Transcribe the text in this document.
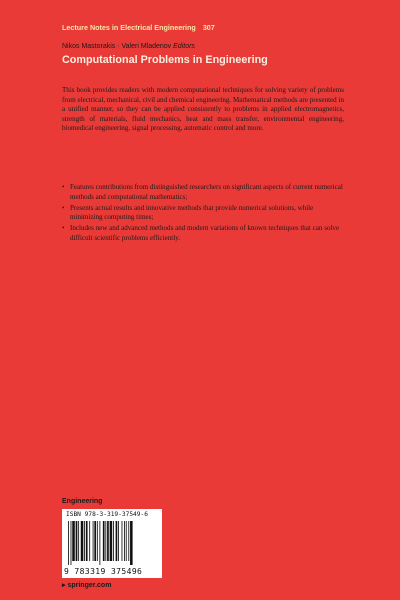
Lecture Notes in Electrical Engineering 307
Nikos Mastorakis · Valeri Mladenov Editors
Computational Problems in Engineering

This book provides readers with modern computational techniques for solving variety of problems from electrical, mechanical, civil and chemical engineering. Mathematical methods are presented in a unified manner, so they can be applied consistently to problems in applied electromagnetics, strength of materials, fluid mechanics, heat and mass transfer, environmental engineering, biomedical engineering, signal processing, automatic control and more.

• Features contributions from distinguished researchers on significant aspects of current numerical methods and computational mathematics;
• Presents actual results and innovative methods that provide numerical solutions, while minimizing computing times;
• Includes new and advanced methods and modern variations of known techniques that can solve difficult scientific problems efficiently.
Engineering
ISBN 978-3-319-37549-6
9 783319 375496
▸ springer.com
